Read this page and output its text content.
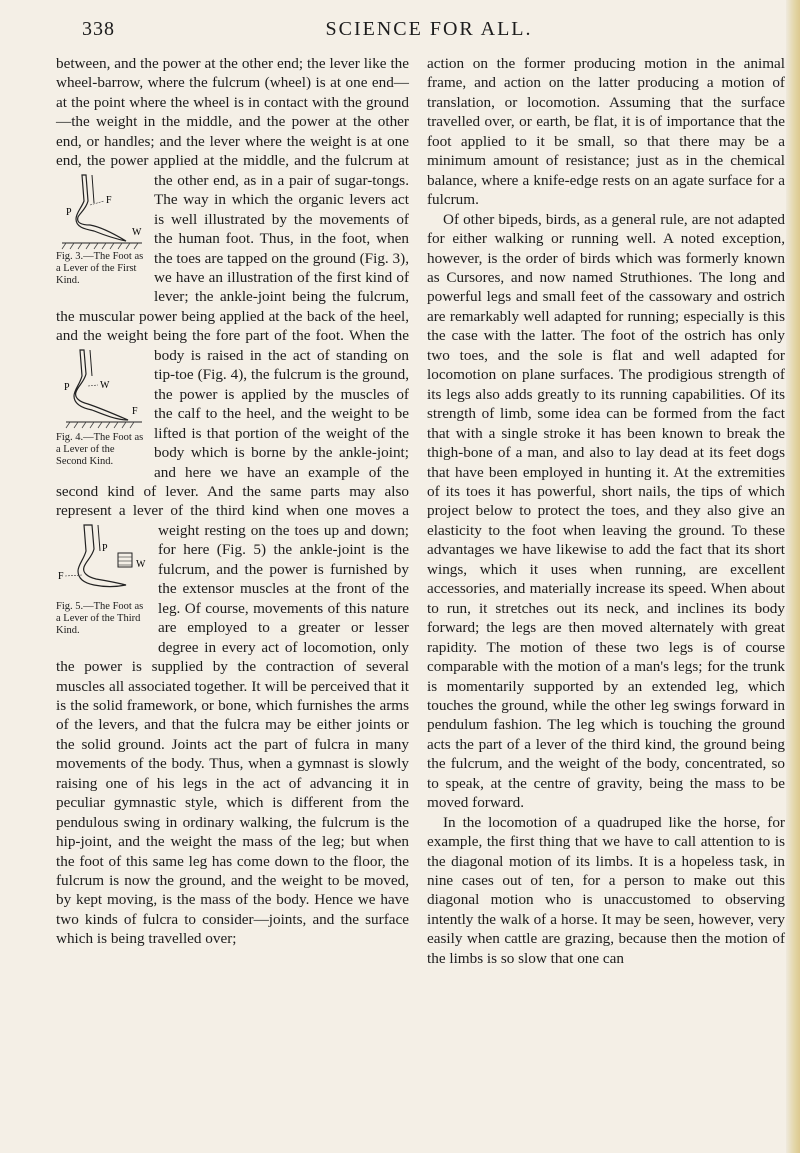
338	SCIENCE FOR ALL.

between, and the power at the other end; the lever like the wheel-barrow, where the fulcrum (wheel) is at one end—at the point where the wheel is in contact with the ground—the weight in the middle, and the power at the other end, or handles; and the lever where the weight is at one end, the power applied at the middle, and the
P
F
W
Fig. 3.—The Foot as a Lever of the First Kind.
fulcrum at the other end, as in a pair of sugar-tongs. The way in which the organic levers act is well illustrated by the movements of the human foot. Thus, in the foot, when the toes are tapped on the ground (Fig. 3), we have an illustration of the first kind of lever; the ankle-joint being the fulcrum, the muscular power being applied at the back of the heel, and the weight being the fore part of the foot.
P	W
F
Fig. 4.—The Foot as a Lever of the Second Kind.
When the body is raised in the act of standing on tip-toe (Fig. 4), the fulcrum is the ground, the power is applied by the muscles of the calf to the heel, and the weight to be lifted is that portion of the weight of the body which is borne by the ankle-joint; and here we have an example of the second kind of lever. And the same parts may also represent a lever of the third kind when one moves a weight resting
F
P
W
Fig. 5.—The Foot as a Lever of the Third Kind.
on the toes up and down; for here (Fig. 5) the ankle-joint is the fulcrum, and the power is furnished by the extensor muscles at the front of the leg. Of course, movements of this nature are employed to a greater or lesser degree in every act of locomotion, only the power is supplied by the contraction of several muscles all associated together. It will be perceived that it is the solid framework, or bone, which furnishes the arms of the levers, and that the fulcra may be either joints or the solid ground. Joints act the part of fulcra in many movements of the body. Thus, when a gymnast is slowly raising one of his legs in the act of advancing it in peculiar gymnastic style, which is different from the pendulous swing in ordinary walking, the fulcrum is the hip-joint, and the weight the mass of the leg; but when the foot of this same leg has come down to the floor, the fulcrum is now the ground, and the weight to be moved, by kept moving, is the mass of the body. Hence we have two kinds of fulcra to consider—joints, and the surface which is being travelled over;

action on the former producing motion in the animal frame, and action on the latter producing a motion of translation, or locomotion. Assuming that the surface travelled over, or earth, be flat, it is of importance that the foot applied to it be small, so that there may be a minimum amount of resistance; just as in the chemical balance, where a knife-edge rests on an agate surface for a fulcrum.

Of other bipeds, birds, as a general rule, are not adapted for either walking or running well. A noted exception, however, is the order of birds which was formerly known as Cursores, and now named Struthiones. The long and powerful legs and small feet of the cassowary and ostrich are remarkably well adapted for running; especially is this the case with the latter. The foot of the ostrich has only two toes, and the sole is flat and well adapted for locomotion on plane surfaces. The prodigious strength of its legs also adds greatly to its running capabilities. Of its strength of limb, some idea can be formed from the fact that with a single stroke it has been known to break the thigh-bone of a man, and also to lay dead at its feet dogs that have been employed in hunting it. At the extremities of its toes it has powerful, short nails, the tips of which project below to protect the toes, and they also give an elasticity to the foot when leaving the ground. To these advantages we have likewise to add the fact that its short wings, which it uses when running, are excellent accessories, and materially increase its speed. When about to run, it stretches out its neck, and inclines its body forward; the legs are then moved alternately with great rapidity. The motion of these two legs is of course comparable with the motion of a man's legs; for the trunk is momentarily supported by an extended leg, which touches the ground, while the other leg swings forward in pendulum fashion. The leg which is touching the ground acts the part of a lever of the third kind, the ground being the fulcrum, and the weight of the body, concentrated, so to speak, at the centre of gravity, being the mass to be moved forward.

In the locomotion of a quadruped like the horse, for example, the first thing that we have to call attention to is the diagonal motion of its limbs. It is a hopeless task, in nine cases out of ten, for a person to make out this diagonal motion who is unaccustomed to observing intently the walk of a horse. It may be seen, however, very easily when cattle are grazing, because then the motion of the limbs is so slow that one can
